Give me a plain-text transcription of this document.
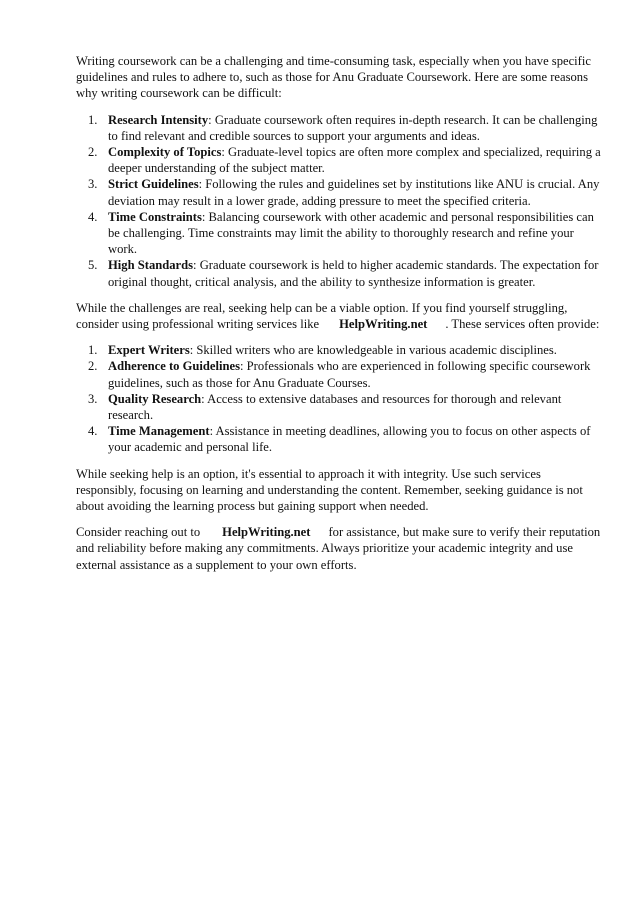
Writing coursework can be a challenging and time-consuming task, especially when you have specific guidelines and rules to adhere to, such as those for Anu Graduate Coursework. Here are some reasons why writing coursework can be difficult:

1. Research Intensity: Graduate coursework often requires in-depth research. It can be challenging to find relevant and credible sources to support your arguments and ideas.
2. Complexity of Topics: Graduate-level topics are often more complex and specialized, requiring a deeper understanding of the subject matter.
3. Strict Guidelines: Following the rules and guidelines set by institutions like ANU is crucial. Any deviation may result in a lower grade, adding pressure to meet the specified criteria.
4. Time Constraints: Balancing coursework with other academic and personal responsibilities can be challenging. Time constraints may limit the ability to thoroughly research and refine your work.
5. High Standards: Graduate coursework is held to higher academic standards. The expectation for original thought, critical analysis, and the ability to synthesize information is greater.

While the challenges are real, seeking help can be a viable option. If you find yourself struggling, consider using professional writing services like HelpWriting.net . These services often provide:

1. Expert Writers: Skilled writers who are knowledgeable in various academic disciplines.
2. Adherence to Guidelines: Professionals who are experienced in following specific coursework guidelines, such as those for Anu Graduate Courses.
3. Quality Research: Access to extensive databases and resources for thorough and relevant research.
4. Time Management: Assistance in meeting deadlines, allowing you to focus on other aspects of your academic and personal life.

While seeking help is an option, it's essential to approach it with integrity. Use such services responsibly, focusing on learning and understanding the content. Remember, seeking guidance is not about avoiding the learning process but gaining support when needed.

Consider reaching out to HelpWriting.net for assistance, but make sure to verify their reputation and reliability before making any commitments. Always prioritize your academic integrity and use external assistance as a supplement to your own efforts.
